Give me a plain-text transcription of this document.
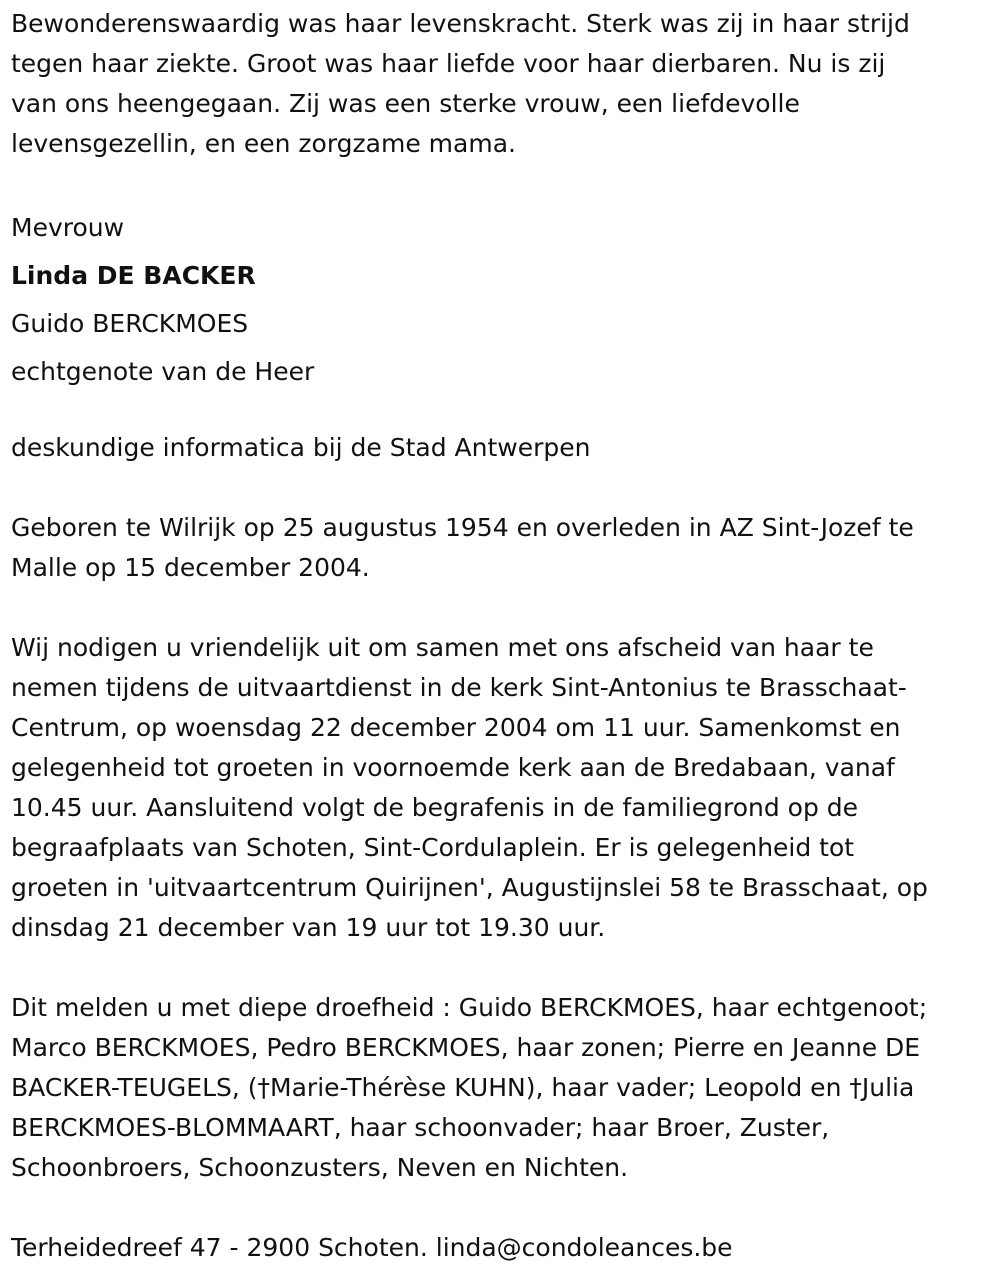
Bewonderenswaardig was haar levenskracht. Sterk was zij in haar strijd
tegen haar ziekte. Groot was haar liefde voor haar dierbaren. Nu is zij
van ons heengegaan. Zij was een sterke vrouw, een liefdevolle
levensgezellin, en een zorgzame mama.
Mevrouw
Linda DE BACKER
Guido BERCKMOES
echtgenote van de Heer
deskundige informatica bij de Stad Antwerpen
Geboren te Wilrijk op 25 augustus 1954 en overleden in AZ Sint-Jozef te
Malle op 15 december 2004.
Wij nodigen u vriendelijk uit om samen met ons afscheid van haar te
nemen tijdens de uitvaartdienst in de kerk Sint-Antonius te Brasschaat-
Centrum, op woensdag 22 december 2004 om 11 uur. Samenkomst en
gelegenheid tot groeten in voornoemde kerk aan de Bredabaan, vanaf
10.45 uur. Aansluitend volgt de begrafenis in de familiegrond op de
begraafplaats van Schoten, Sint-Cordulaplein. Er is gelegenheid tot
groeten in 'uitvaartcentrum Quirijnen', Augustijnslei 58 te Brasschaat, op
dinsdag 21 december van 19 uur tot 19.30 uur.
Dit melden u met diepe droefheid : Guido BERCKMOES, haar echtgenoot;
Marco BERCKMOES, Pedro BERCKMOES, haar zonen; Pierre en Jeanne DE
BACKER-TEUGELS, (†Marie-Thérèse KUHN), haar vader; Leopold en †Julia
BERCKMOES-BLOMMAART, haar schoonvader; haar Broer, Zuster,
Schoonbroers, Schoonzusters, Neven en Nichten.
Terheidedreef 47 - 2900 Schoten. linda@condoleances.be
